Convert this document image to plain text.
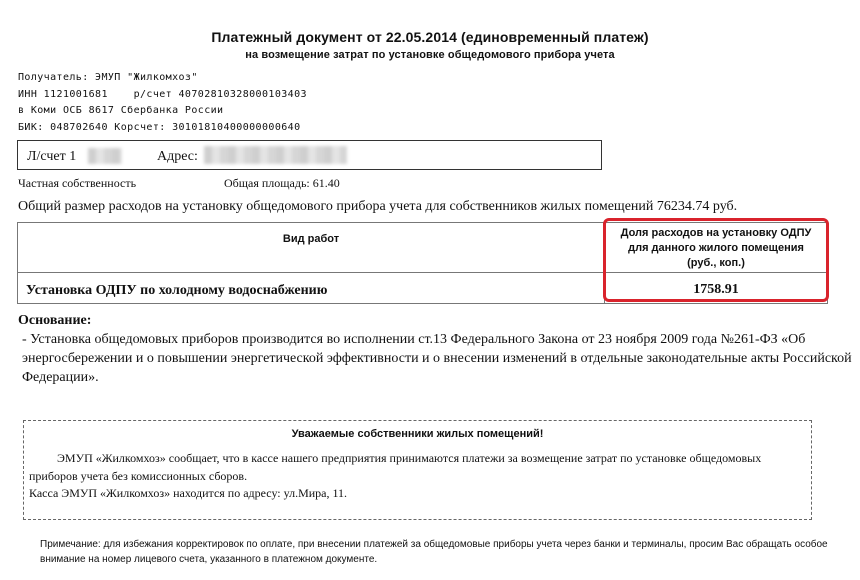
Платежный документ от 22.05.2014 (единовременный платеж)
на возмещение затрат по установке общедомового прибора учета
Получатель: ЭМУП "Жилкомхоз"
ИНН 1121001681    р/счет 40702810328000103403
в Коми ОСБ 8617 Сбербанка России
БИК: 048702640 Корсчет: 30101810400000000640
Л/счет 1	Адрес:
Частная собственность	Общая площадь: 61.40
Общий размер расходов на установку общедомового прибора учета для собственников жилых помещений 76234.74 руб.
Вид работ	Доля расходов на установку ОДПУ
для данного жилого помещения
(руб., коп.)
Установка ОДПУ по холодному водоснабжению	1758.91
Основание:
- Установка общедомовых приборов производится во исполнении ст.13 Федерального Закона от 23 ноября 2009 года №261-ФЗ «Об энергосбережении и о повышении энергетической эффективности и о внесении изменений в отдельные законодательные акты Российской Федерации».
Уважаемые собственники жилых помещений!
ЭМУП «Жилкомхоз» сообщает, что в кассе нашего предприятия принимаются платежи за возмещение затрат по установке общедомовых приборов учета без комиссионных сборов.
Касса ЭМУП «Жилкомхоз» находится по адресу: ул.Мира, 11.
Примечание: для избежания корректировок по оплате, при внесении платежей за общедомовые приборы учета через банки и терминалы, просим Вас обращать особое внимание на номер лицевого счета, указанного в платежном документе.
